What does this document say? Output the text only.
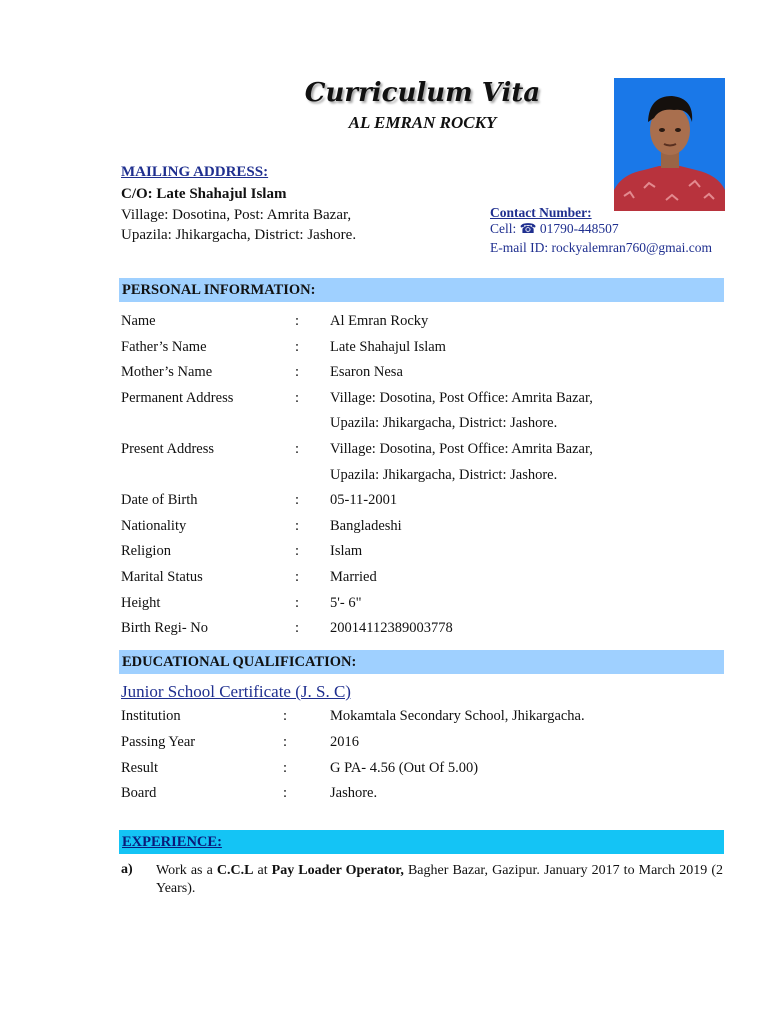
Curriculum Vita
AL EMRAN ROCKY
MAILING ADDRESS:
C/O: Late Shahajul Islam
Village: Dosotina, Post: Amrita Bazar,
Upazila: Jhikargacha, District: Jashore.
Contact Number:
Cell: ☎ 01790-448507
E-mail ID: rockyalemran760@gmai.com
PERSONAL INFORMATION:
Name	: Al Emran Rocky
Father’s Name	: Late Shahajul Islam
Mother’s Name	: Esaron Nesa
Permanent Address	: Village: Dosotina, Post Office: Amrita Bazar,
Upazila: Jhikargacha, District: Jashore.
Present Address	: Village: Dosotina, Post Office: Amrita Bazar,
Upazila: Jhikargacha, District: Jashore.
Date of Birth	: 05-11-2001
Nationality	: Bangladeshi
Religion	: Islam
Marital Status	: Married
Height	: 5'- 6"
Birth Regi- No	: 20014112389003778
EDUCATIONAL QUALIFICATION:
Junior School Certificate (J. S. C)
Institution	:	Mokamtala Secondary School, Jhikargacha.
Passing Year	:	2016
Result	:	G PA- 4.56 (Out Of 5.00)
Board	:	Jashore.
EXPERIENCE:
a) Work as a C.C.L at Pay Loader Operator, Bagher Bazar, Gazipur. January 2017 to March 2019 (2 Years).
